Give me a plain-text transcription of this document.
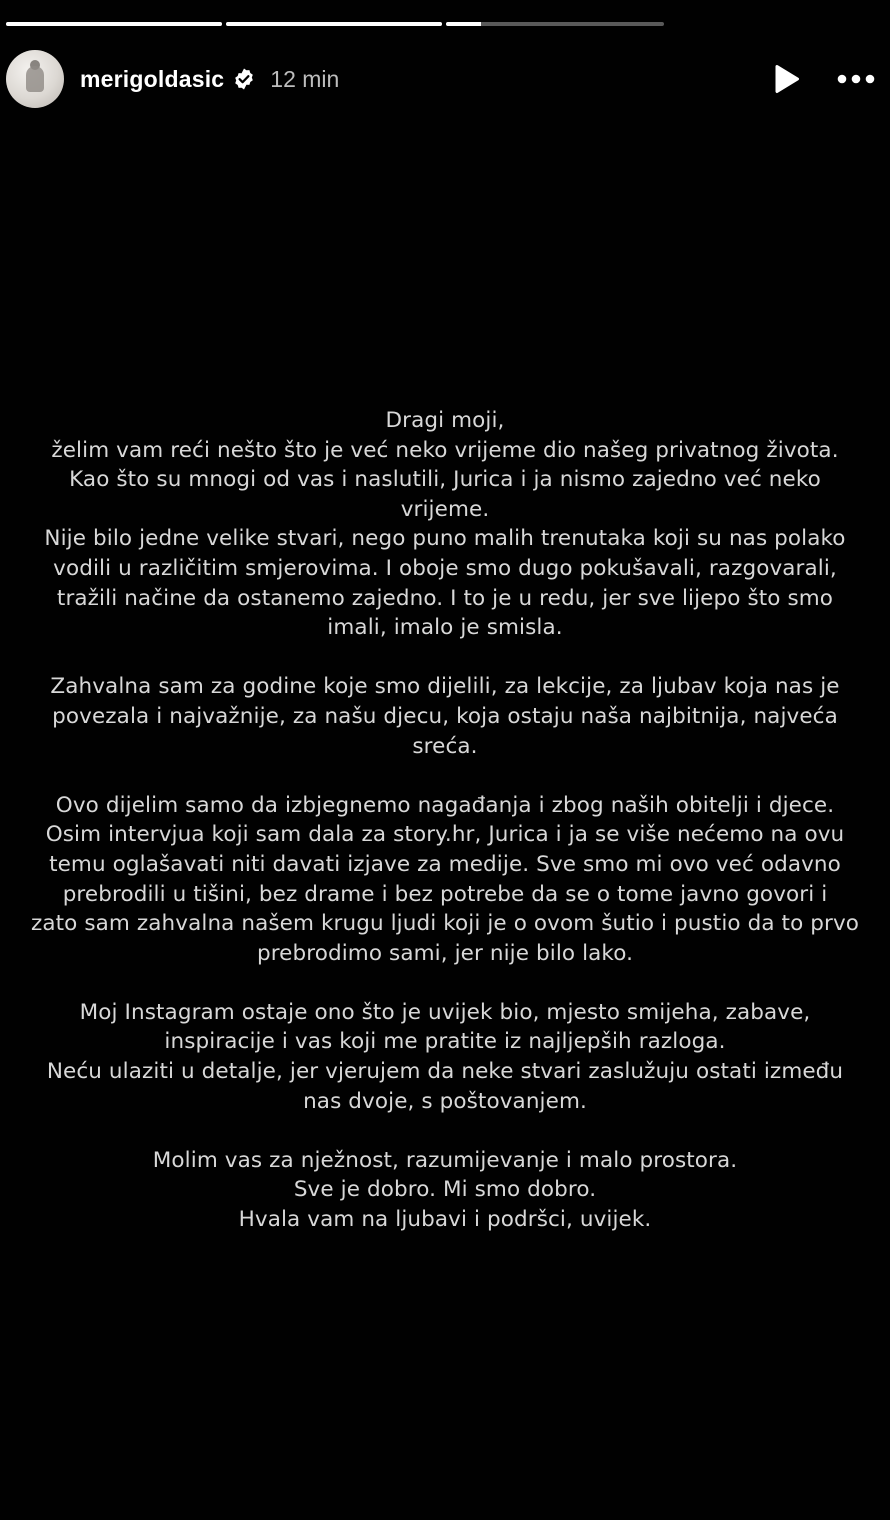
merigoldasic 12 min

Dragi moji,
želim vam reći nešto što je već neko vrijeme dio našeg privatnog života.
Kao što su mnogi od vas i naslutili, Jurica i ja nismo zajedno već neko
vrijeme.
Nije bilo jedne velike stvari, nego puno malih trenutaka koji su nas polako
vodili u različitim smjerovima. I oboje smo dugo pokušavali, razgovarali,
tražili načine da ostanemo zajedno. I to je u redu, jer sve lijepo što smo
imali, imalo je smisla.

Zahvalna sam za godine koje smo dijelili, za lekcije, za ljubav koja nas je
povezala i najvažnije, za našu djecu, koja ostaju naša najbitnija, najveća
sreća.

Ovo dijelim samo da izbjegnemo nagađanja i zbog naših obitelji i djece.
Osim intervjua koji sam dala za story.hr, Jurica i ja se više nećemo na ovu
temu oglašavati niti davati izjave za medije. Sve smo mi ovo već odavno
prebrodili u tišini, bez drame i bez potrebe da se o tome javno govori i
zato sam zahvalna našem krugu ljudi koji je o ovom šutio i pustio da to prvo
prebrodimo sami, jer nije bilo lako.

Moj Instagram ostaje ono što je uvijek bio, mjesto smijeha, zabave,
inspiracije i vas koji me pratite iz najljepših razloga.
Neću ulaziti u detalje, jer vjerujem da neke stvari zaslužuju ostati između
nas dvoje, s poštovanjem.

Molim vas za nježnost, razumijevanje i malo prostora.
Sve je dobro. Mi smo dobro.
Hvala vam na ljubavi i podršci, uvijek.
